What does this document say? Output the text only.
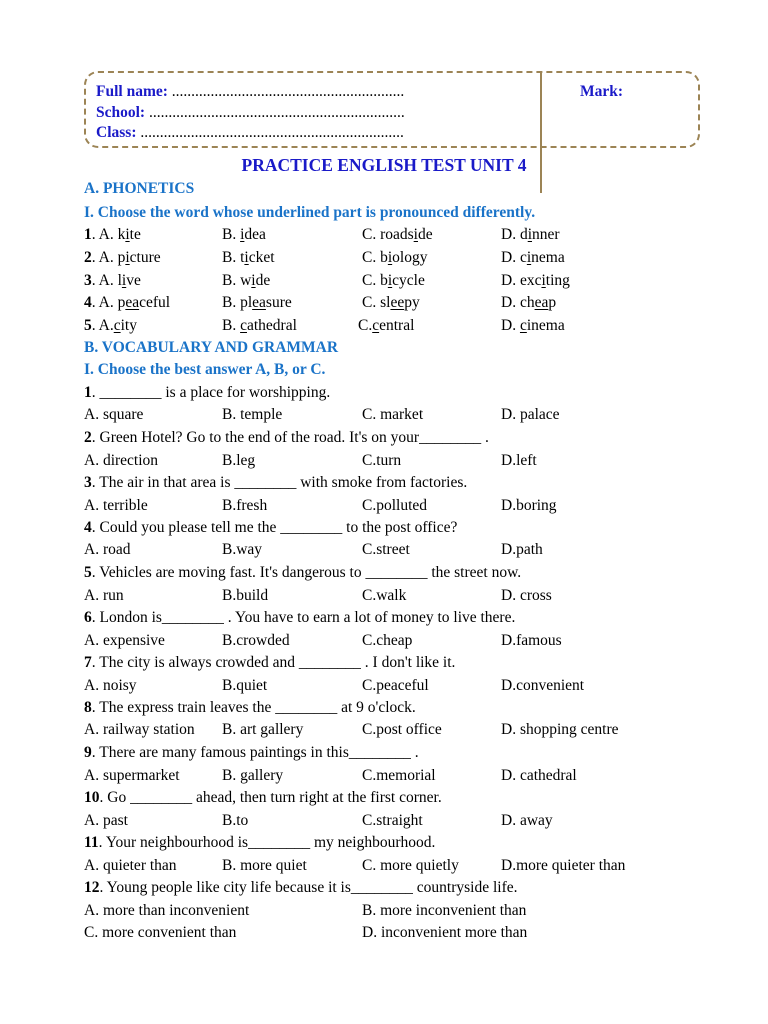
Full name: ............................................................
School: ..................................................................
Class: ....................................................................
Mark:
PRACTICE ENGLISH TEST UNIT 4
A. PHONETICS
I. Choose the word whose underlined part is pronounced differently.
1. A. kite	B. idea	C. roadside	D. dinner
2. A. picture	B. ticket	C. biology	D. cinema
3. A. live	B. wide	C. bicycle	D. exciting
4. A. peaceful	B. pleasure	C. sleepy	D. cheap
5. A.city	B. cathedral	C.central	D. cinema
B. VOCABULARY AND GRAMMAR
I. Choose the best answer A, B, or C.
1. ________ is a place for worshipping.
A. square	B. temple	C. market	D. palace
2. Green Hotel? Go to the end of the road. It's on your________ .
A. direction	B.leg	C.turn	D.left
3. The air in that area is ________ with smoke from factories.
A. terrible	B.fresh	C.polluted	D.boring
4. Could you please tell me the ________ to the post office?
A. road	B.way	C.street	D.path
5. Vehicles are moving fast. It's dangerous to ________ the street now.
A. run	B.build	C.walk	D. cross
6. London is________ . You have to earn a lot of money to live there.
A. expensive	B.crowded	C.cheap	D.famous
7. The city is always crowded and ________ . I don't like it.
A. noisy	B.quiet	C.peaceful	D.convenient
8. The express train leaves the ________ at 9 o'clock.
A. railway station B. art gallery	C.post office	D. shopping centre
9. There are many famous paintings in this________ .
A. supermarket	B. gallery	C.memorial	D. cathedral
10. Go ________ ahead, then turn right at the first corner.
A. past	B.to	C.straight	D. away
11. Your neighbourhood is________ my neighbourhood.
A. quieter than	B. more quiet	C. more quietly	D.more quieter than
12. Young people like city life because it is________ countryside life.
A. more than inconvenient	B. more inconvenient than
C. more convenient than	D. inconvenient more than
